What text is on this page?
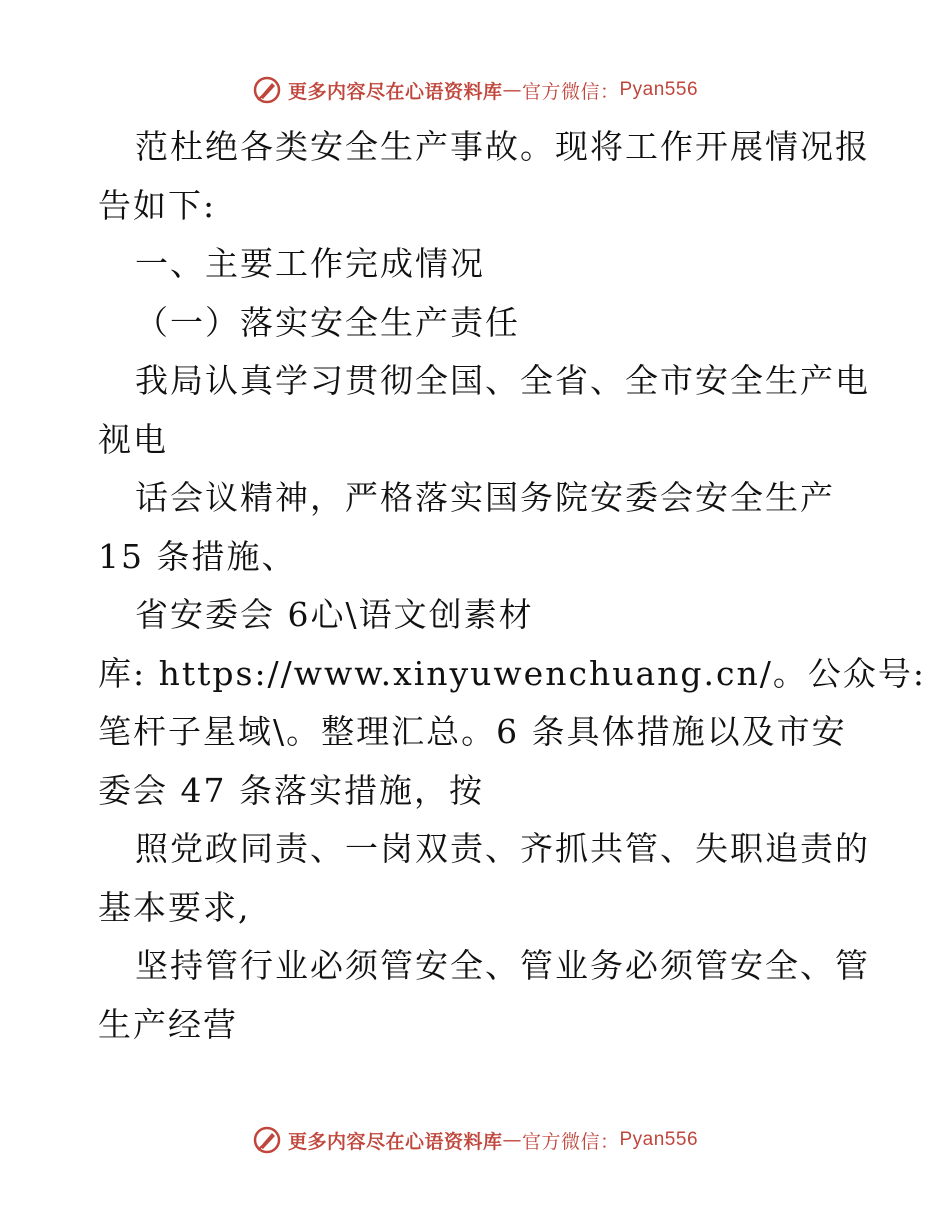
更多内容尽在心语资料库 — 官方微信： Pyan556
范杜绝各类安全生产事故。现将工作开展情况报
告如下:
一、主要工作完成情况
（一）落实安全生产责任
我局认真学习贯彻全国、全省、全市安全生产电
视电
话会议精神，严格落实国务院安委会安全生产
15 条措施、
省安委会 6心\语文创素材
库: https://www.xinyuwenchuang.cn/。公众号:
笔杆子星域\。整理汇总。6 条具体措施以及市安
委会 47 条落实措施，按
照党政同责、一岗双责、齐抓共管、失职追责的
基本要求,
坚持管行业必须管安全、管业务必须管安全、管
生产经营
更多内容尽在心语资料库 — 官方微信： Pyan556
